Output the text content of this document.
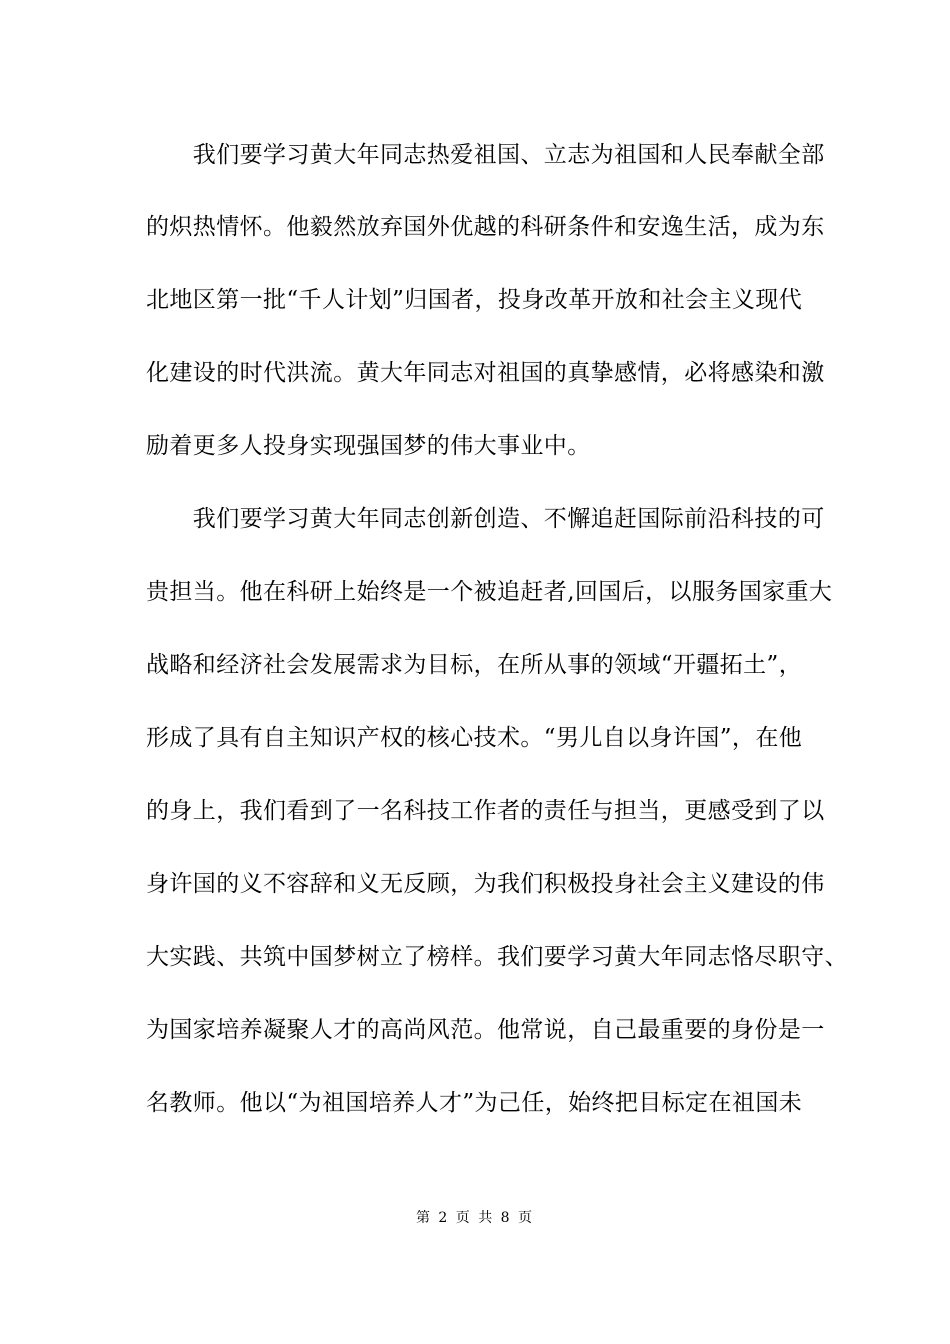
　　我们要学习黄大年同志热爱祖国、立志为祖国和人民奉献全部
的炽热情怀。他毅然放弃国外优越的科研条件和安逸生活，成为东
北地区第一批“千人计划”归国者，投身改革开放和社会主义现代
化建设的时代洪流。黄大年同志对祖国的真挚感情，必将感染和激
励着更多人投身实现强国梦的伟大事业中。
　　我们要学习黄大年同志创新创造、不懈追赶国际前沿科技的可
贵担当。他在科研上始终是一个被追赶者,回国后，以服务国家重大
战略和经济社会发展需求为目标，在所从事的领域“开疆拓土”，
形成了具有自主知识产权的核心技术。“男儿自以身许国”，在他
的身上，我们看到了一名科技工作者的责任与担当，更感受到了以
身许国的义不容辞和义无反顾，为我们积极投身社会主义建设的伟
大实践、共筑中国梦树立了榜样。我们要学习黄大年同志恪尽职守、
为国家培养凝聚人才的高尚风范。他常说，自己最重要的身份是一
名教师。他以“为祖国培养人才”为己任，始终把目标定在祖国未
第 2 页 共 8 页
